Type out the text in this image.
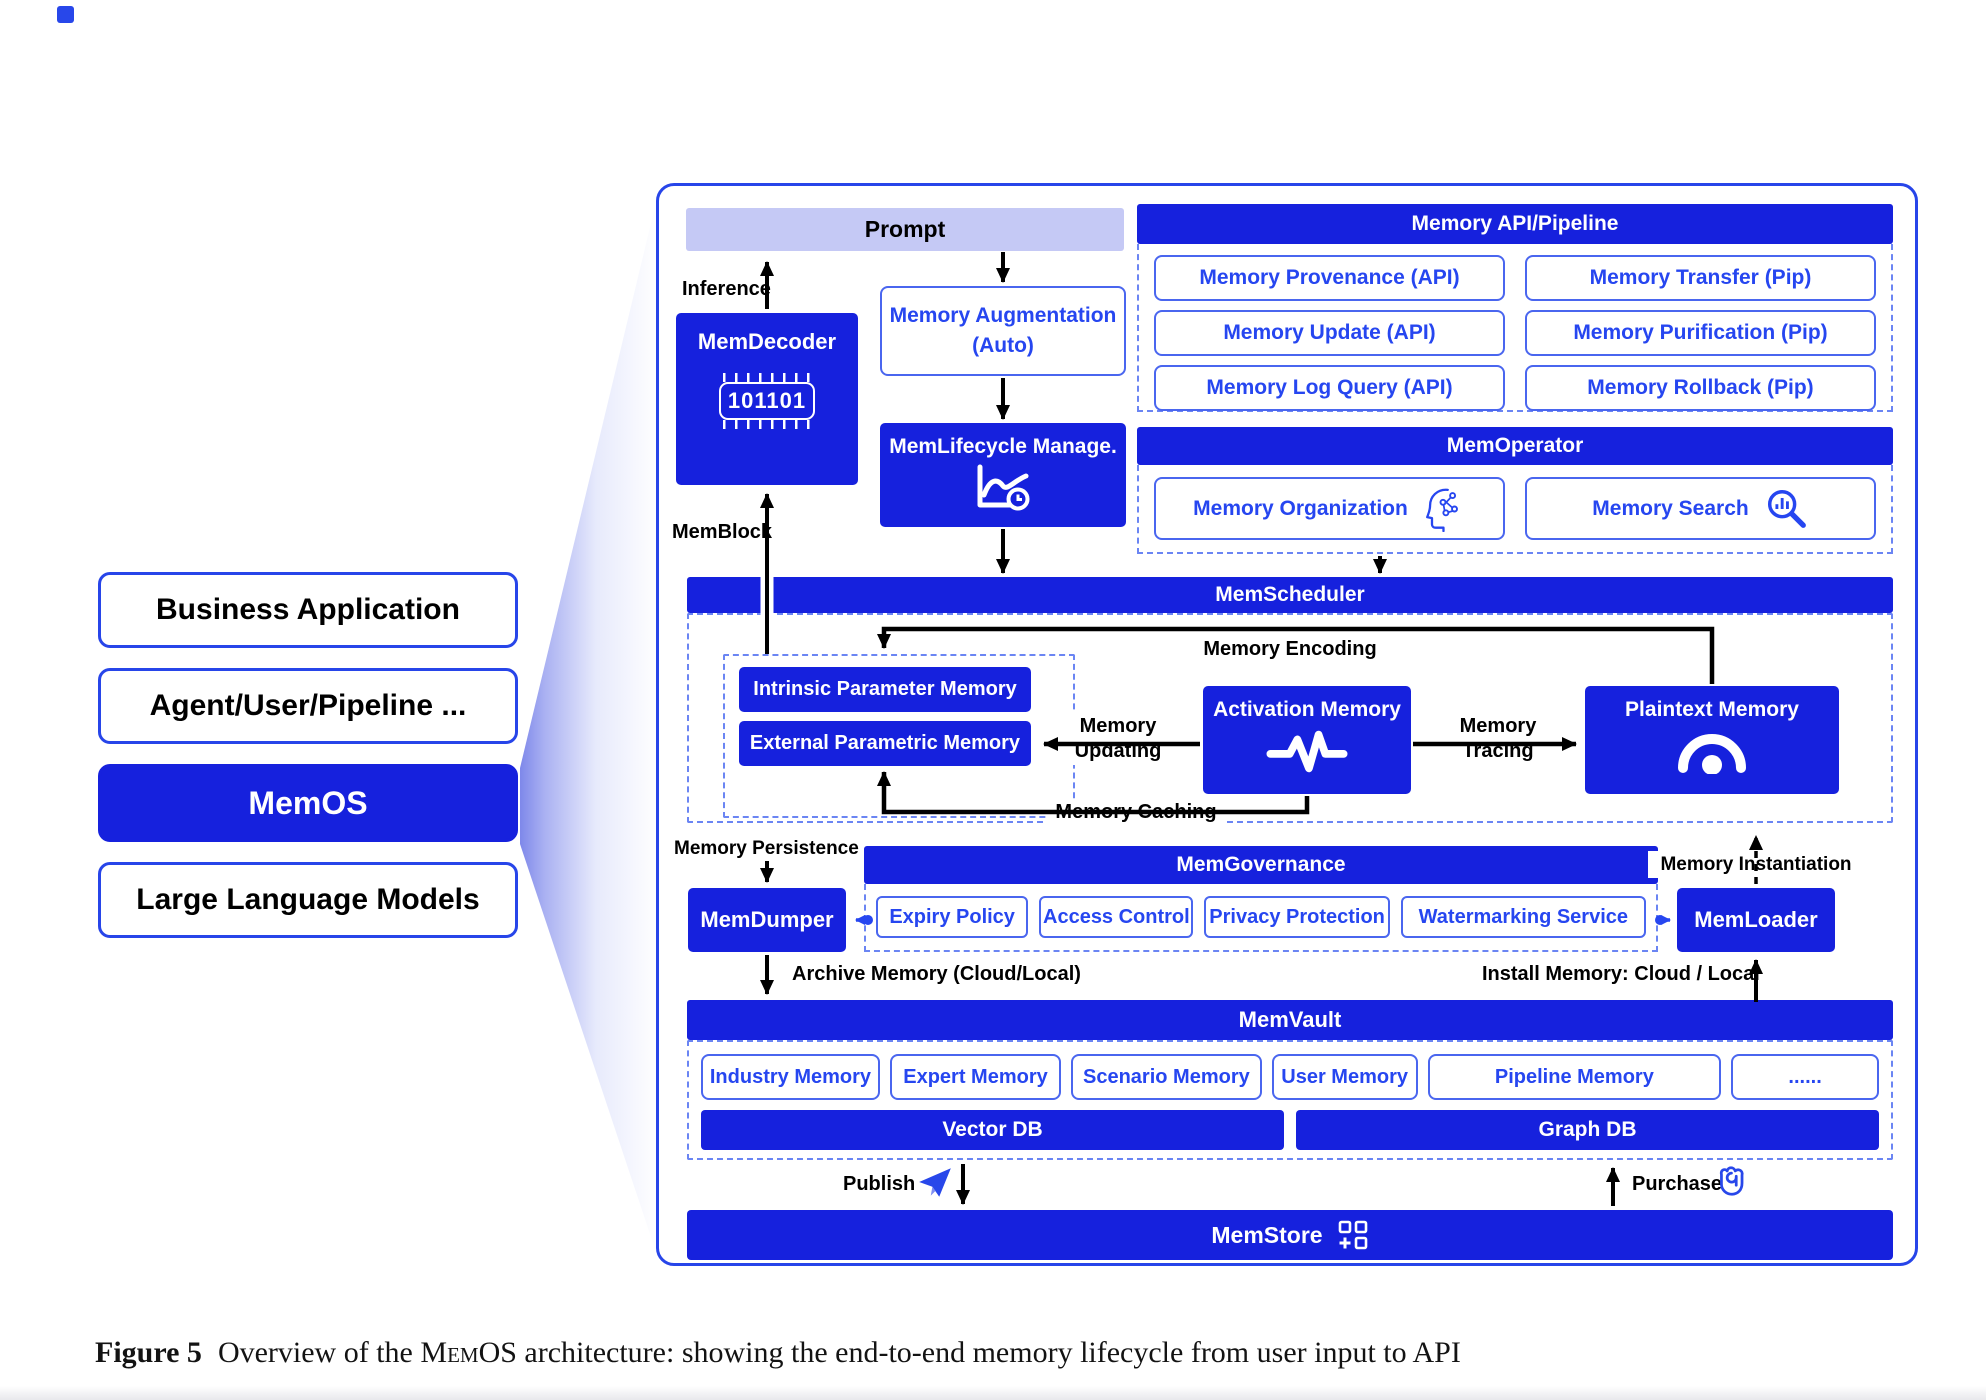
Business Application
Agent/User/Pipeline ...
MemOS
Large Language Models
Prompt
Inference
MemDecoder
101101
Memory Augmentation
(Auto)
MemLifecycle Manage.
MemBlock
Memory API/Pipeline
Memory Provenance (API)	Memory Transfer (Pip)
Memory Update (API)	Memory Purification (Pip)
Memory Log Query (API)	Memory Rollback (Pip)
MemOperator
Memory Organization	Memory Search
MemScheduler
Intrinsic Parameter Memory
External Parametric Memory
Activation Memory	Plaintext Memory
Memory Encoding
Memory
Updating
Memory
Tracing
Memory Caching
Memory Persistence
MemDumper
MemGovernance
Expiry Policy Access Control Privacy Protection Watermarking Service	MemLoader
Memory Instantiation
Archive Memory (Cloud/Local)	Install Memory: Cloud / Local
MemVault
Industry Memory Expert Memory Scenario Memory User Memory	Pipeline Memory	......
Vector DB	Graph DB
Publish	Purchase
MemStore

Figure 5 Overview of the MemOS architecture: showing the end-to-end memory lifecycle from user input to API
